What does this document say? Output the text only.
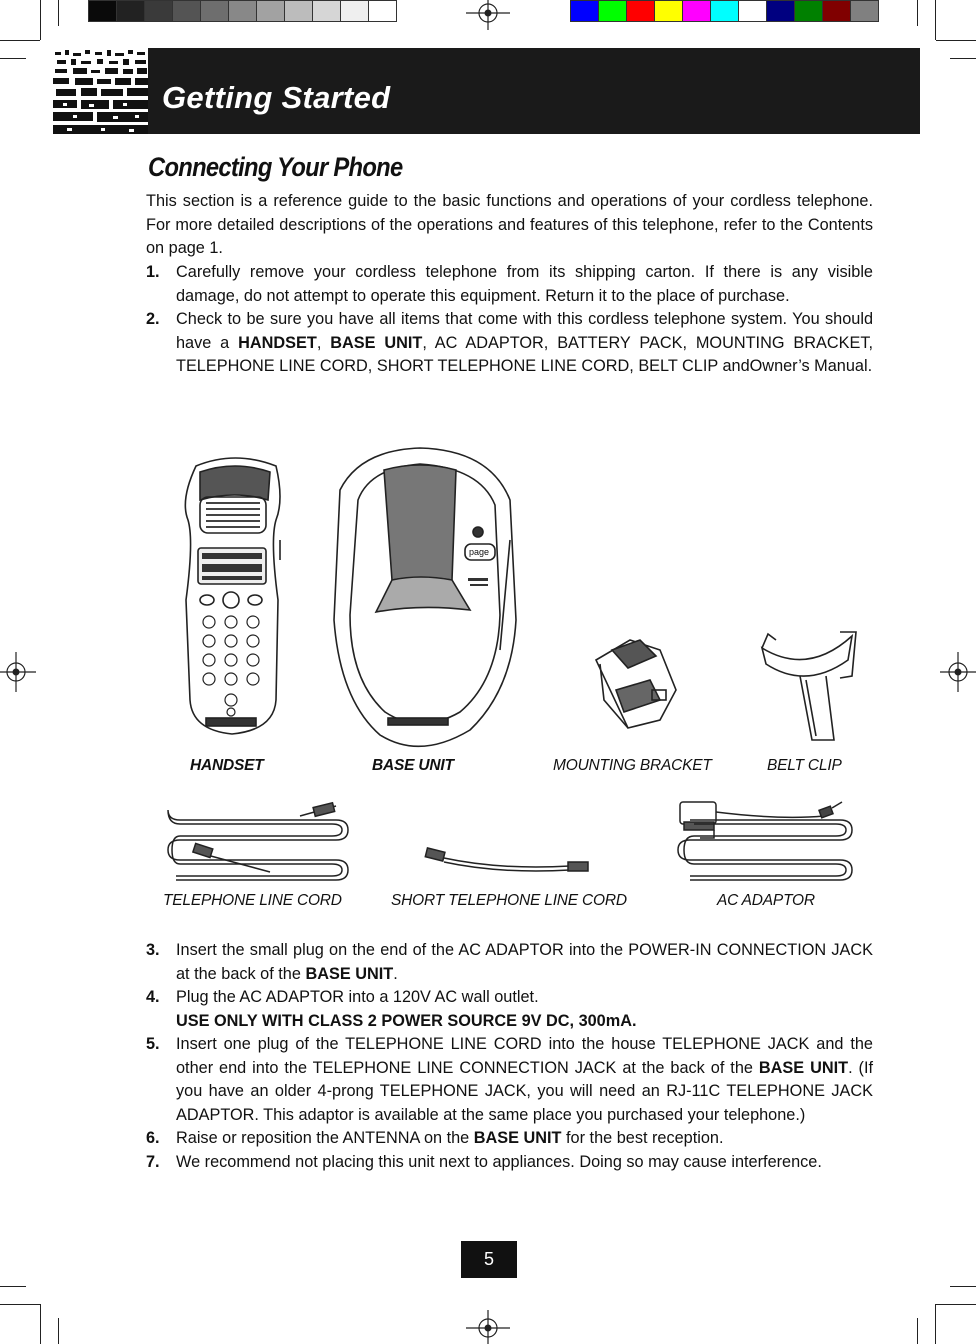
Getting Started
Connecting Your Phone
This section is a reference guide to the basic functions and operations of your cordless telephone. For more detailed descriptions of the operations and features of this telephone, refer to the Contents on page 1.
1. Carefully remove your cordless telephone from its shipping carton. If there is any visible damage, do not attempt to operate this equipment. Return it to the place of purchase.
2. Check to be sure you have all items that come with this cordless telephone system. You should have a HANDSET, BASE UNIT, AC ADAPTOR, BATTERY PACK, MOUNTING BRACKET, TELEPHONE LINE CORD, SHORT TELEPHONE LINE CORD, BELT CLIP andOwner’s Manual.
page
HANDSET	BASE UNIT	MOUNTING BRACKET	BELT CLIP
TELEPHONE LINE CORD	SHORT TELEPHONE LINE CORD	AC ADAPTOR
3. Insert the small plug on the end of the AC ADAPTOR into the POWER-IN CONNECTION JACK at the back of the BASE UNIT.
4. Plug the AC ADAPTOR into a 120V AC wall outlet.
USE ONLY WITH CLASS 2 POWER SOURCE 9V DC, 300mA.
5. Insert one plug of the TELEPHONE LINE CORD into the house TELEPHONE JACK and the other end into the TELEPHONE LINE CONNECTION JACK at the back of the BASE UNIT. (If you have an older 4-prong TELEPHONE JACK, you will need an RJ-11C TELEPHONE JACK ADAPTOR. This adaptor is available at the same place you purchased your telephone.)
6. Raise or reposition the ANTENNA on the BASE UNIT for the best reception.
7. We recommend not placing this unit next to appliances. Doing so may cause interference.
5
